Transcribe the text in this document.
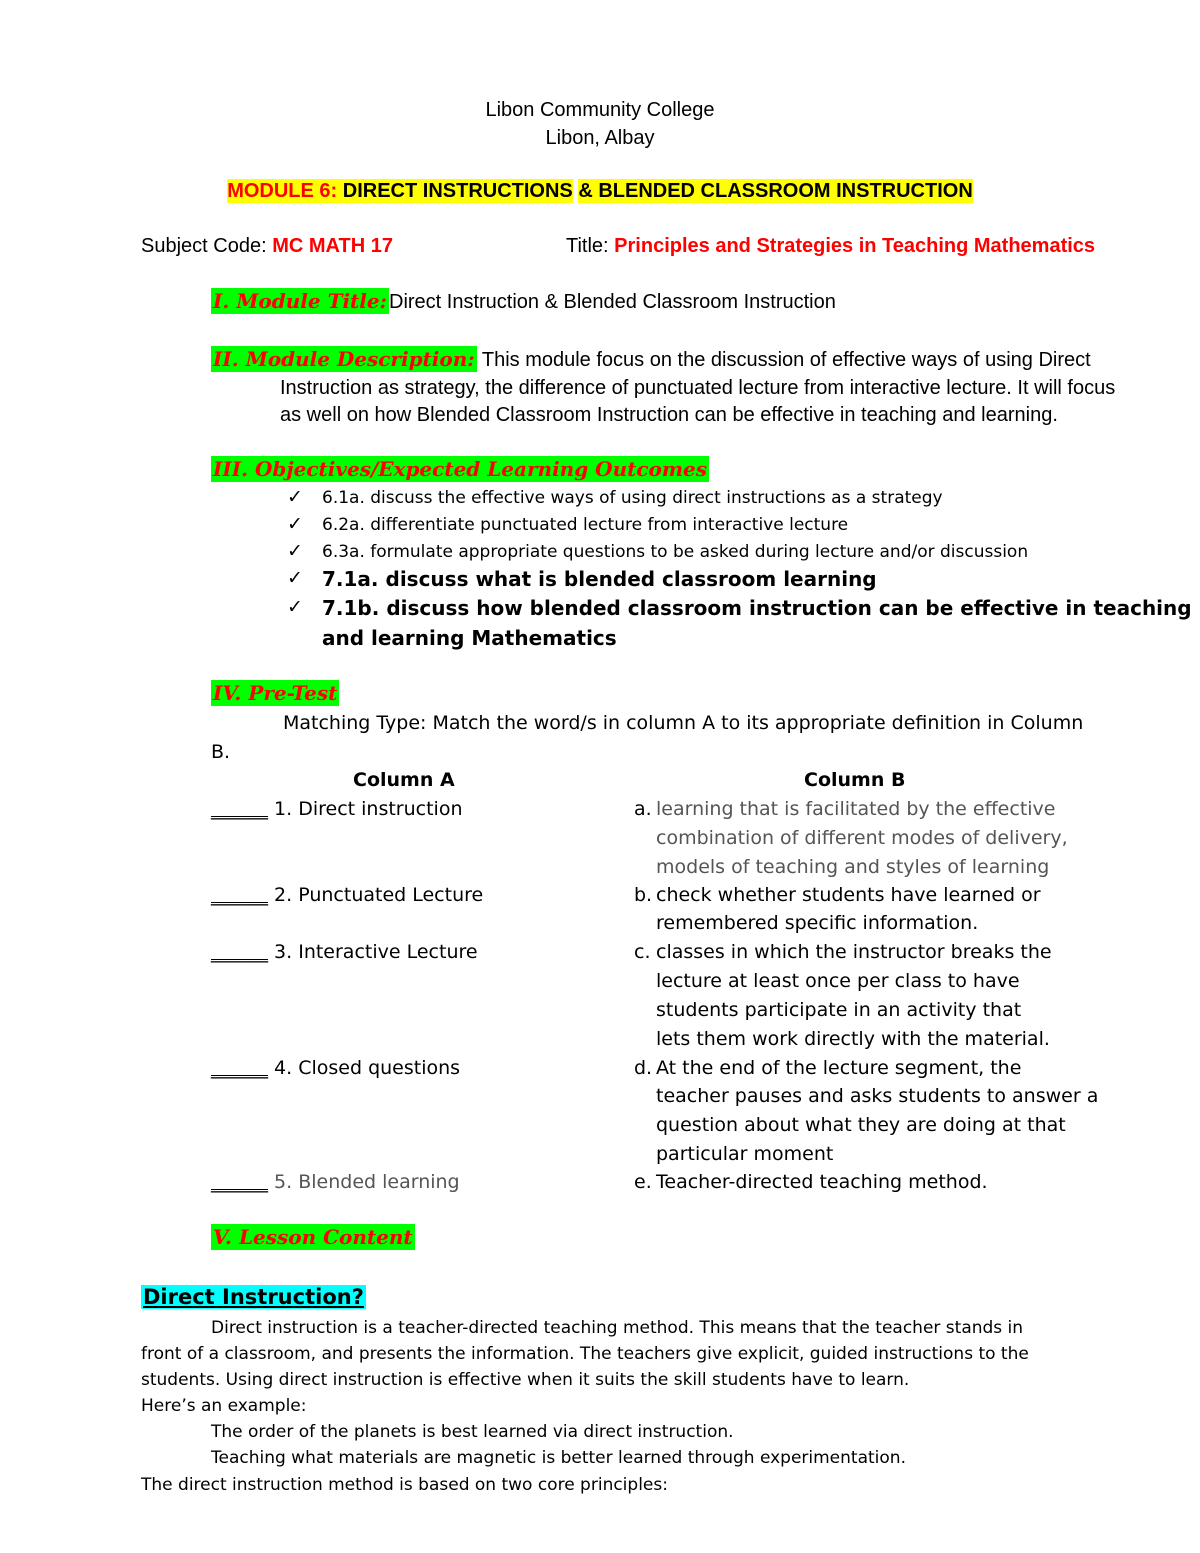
Libon Community College
Libon, Albay
MODULE 6: DIRECT INSTRUCTIONS & BLENDED CLASSROOM INSTRUCTION
Subject Code: MC MATH 17	Title: Principles and Strategies in Teaching Mathematics
I. Module Title: Direct Instruction & Blended Classroom Instruction
II. Module Description: This module focus on the discussion of effective ways of using Direct
Instruction as strategy, the difference of punctuated lecture from interactive lecture. It will focus
as well on how Blended Classroom Instruction can be effective in teaching and learning.
III. Objectives/Expected Learning Outcomes
✓ 6.1a. discuss the effective ways of using direct instructions as a strategy
✓ 6.2a. differentiate punctuated lecture from interactive lecture
✓ 6.3a. formulate appropriate questions to be asked during lecture and/or discussion
✓ 7.1a. discuss what is blended classroom learning
✓ 7.1b. discuss how blended classroom instruction can be effective in teaching
and learning Mathematics
IV. Pre-Test
Matching Type: Match the word/s in column A to its appropriate definition in Column
B.
Column A	Column B
______ 1. Direct instruction
______ 2. Punctuated Lecture
______ 3. Interactive Lecture
______ 4. Closed questions
______ 5. Blended learning
a. learning that is facilitated by the effective
combination of different modes of delivery,
models of teaching and styles of learning
b. check whether students have learned or
remembered specific information.
c. classes in which the instructor breaks the
lecture at least once per class to have
students participate in an activity that
lets them work directly with the material.
d. At the end of the lecture segment, the
teacher pauses and asks students to answer a
question about what they are doing at that
particular moment
e. Teacher-directed teaching method.
V. Lesson Content
Direct Instruction?
Direct instruction is a teacher-directed teaching method. This means that the teacher stands in
front of a classroom, and presents the information. The teachers give explicit, guided instructions to the
students. Using direct instruction is effective when it suits the skill students have to learn.
Here’s an example:
The order of the planets is best learned via direct instruction.
Teaching what materials are magnetic is better learned through experimentation.
The direct instruction method is based on two core principles:
